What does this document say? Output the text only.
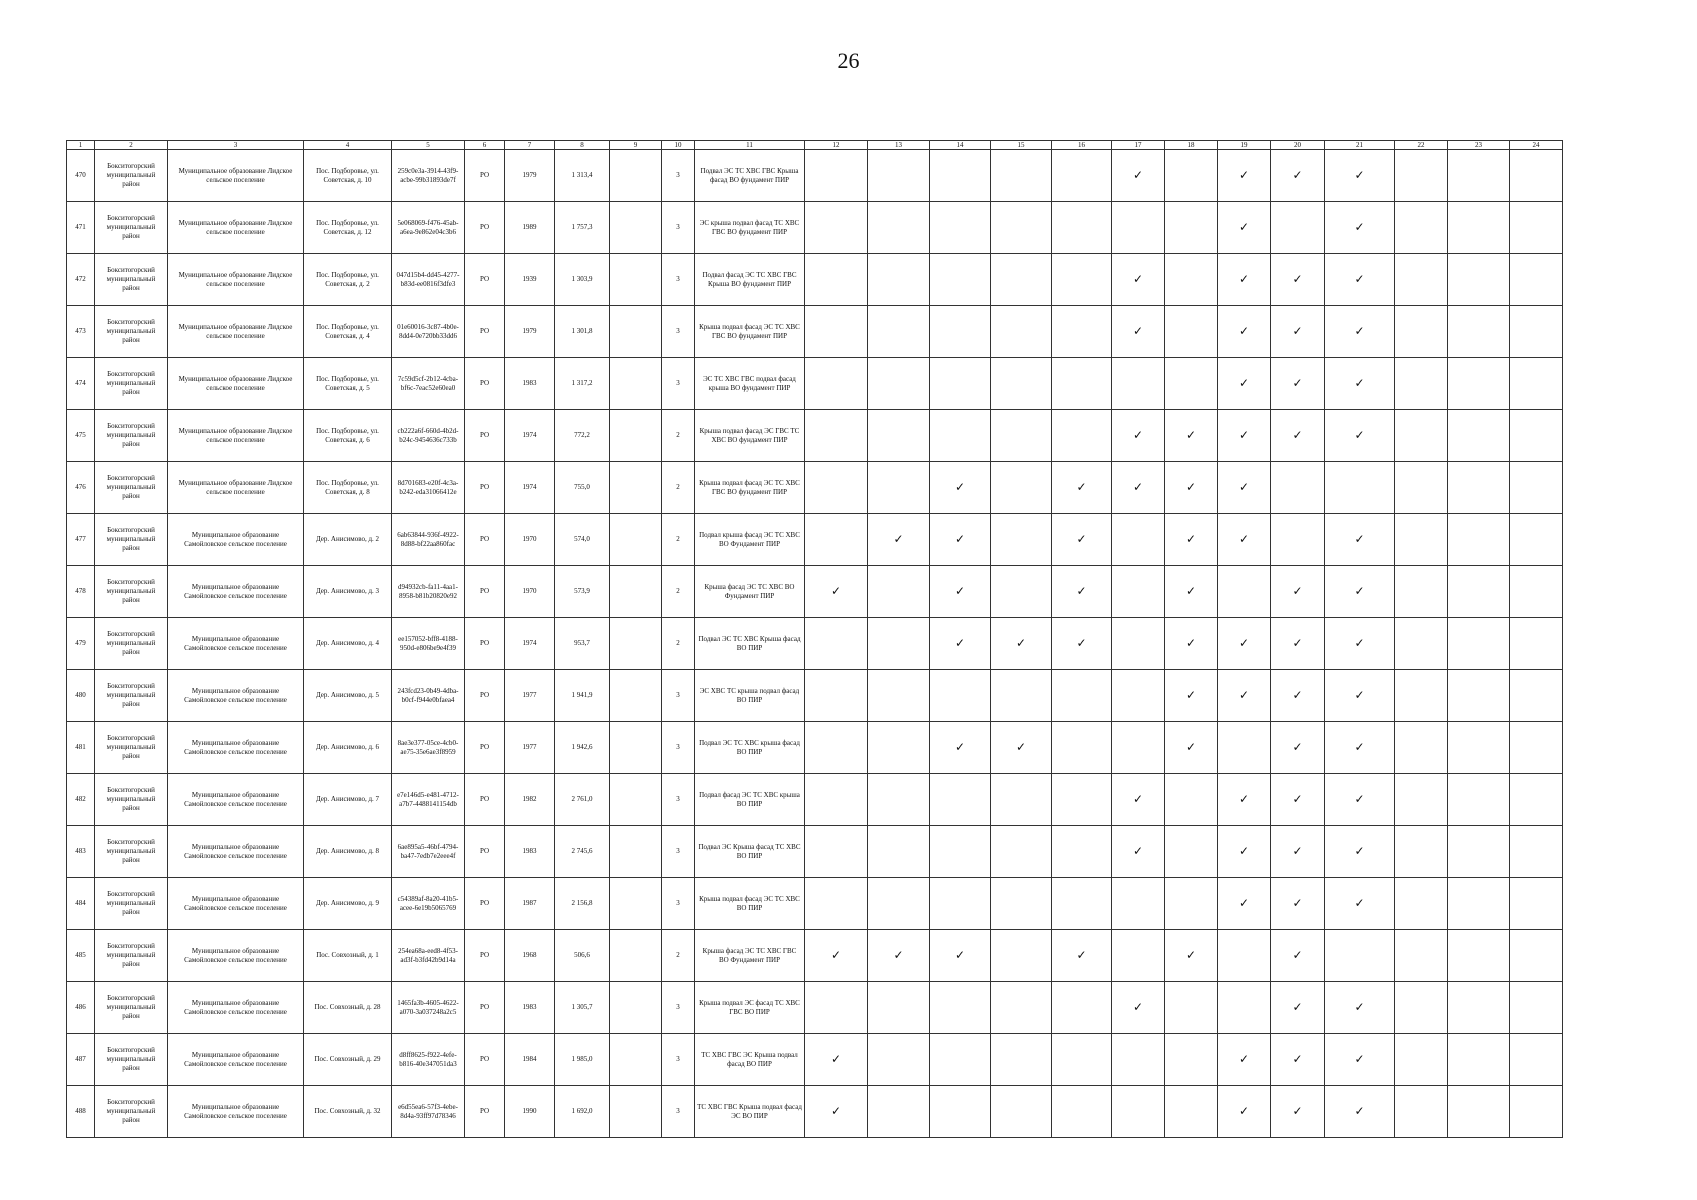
26
1	2	3	4	5	6	7	8	9	10	11	12	13	14	15	16	17	18	19	20	21	22	23	24
470	Бокситогорский муниципальный район	Муниципальное образование Лидское сельское поселение	Пос. Подборовье, ул. Советская, д. 10	259c0e3a-3914-43f9-acbe-99b31893de7f	РО	1979	1 313,4		3	Подвал ЭС ТС ХВС ГВС Крыша фасад ВО фундамент ПИР						✓		✓	✓	✓			
471	Бокситогорский муниципальный район	Муниципальное образование Лидское сельское поселение	Пос. Подборовье, ул. Советская, д. 12	5e068069-f476-45ab-a6ea-9e862e04c3b6	РО	1989	1 757,3		3	ЭС крыша подвал фасад ТС ХВС ГВС ВО фундамент ПИР								✓		✓			
472	Бокситогорский муниципальный район	Муниципальное образование Лидское сельское поселение	Пос. Подборовье, ул. Советская, д. 2	047d15b4-dd45-4277-b83d-ee0816f3dfe3	РО	1939	1 303,9		3	Подвал фасад ЭС ТС ХВС ГВС Крыша ВО фундамент ПИР						✓		✓	✓	✓			
473	Бокситогорский муниципальный район	Муниципальное образование Лидское сельское поселение	Пос. Подборовье, ул. Советская, д. 4	01e60016-3c87-4b0e-8dd4-0e720bb33dd6	РО	1979	1 301,8		3	Крыша подвал фасад ЭС ТС ХВС ГВС ВО фундамент ПИР						✓		✓	✓	✓			
474	Бокситогорский муниципальный район	Муниципальное образование Лидское сельское поселение	Пос. Подборовье, ул. Советская, д. 5	7c59d5cf-2b12-4cba-bf6c-7eac52e60ea0	РО	1983	1 317,2		3	ЭС ТС ХВС ГВС подвал фасад крыша ВО фундамент ПИР								✓	✓	✓			
475	Бокситогорский муниципальный район	Муниципальное образование Лидское сельское поселение	Пос. Подборовье, ул. Советская, д. 6	cb222a6f-660d-4b2d-b24c-9454636c733b	РО	1974	772,2		2	Крыша подвал фасад ЭС ГВС ТС ХВС ВО фундамент ПИР						✓	✓	✓	✓	✓			
476	Бокситогорский муниципальный район	Муниципальное образование Лидское сельское поселение	Пос. Подборовье, ул. Советская, д. 8	8d701683-e20f-4c3a-b242-eda31066412e	РО	1974	755,0		2	Крыша подвал фасад ЭС ТС ХВС ГВС ВО фундамент ПИР			✓		✓	✓	✓	✓					
477	Бокситогорский муниципальный район	Муниципальное образование Самойловское сельское поселение	Дер. Анисимово, д. 2	6ab63844-936f-4922-8d88-bf22aa860fac	РО	1970	574,0		2	Подвал крыша фасад ЭС ТС ХВС ВО Фундамент ПИР		✓	✓		✓		✓	✓		✓			
478	Бокситогорский муниципальный район	Муниципальное образование Самойловское сельское поселение	Дер. Анисимово, д. 3	d94932cb-fa11-4aa1-8958-b81b20820e92	РО	1970	573,9		2	Крыша фасад ЭС ТС ХВС ВО Фундамент ПИР	✓		✓		✓		✓		✓	✓			
479	Бокситогорский муниципальный район	Муниципальное образование Самойловское сельское поселение	Дер. Анисимово, д. 4	ee157052-bff8-4188-950d-e806be9e4f39	РО	1974	953,7		2	Подвал ЭС ТС ХВС Крыша фасад ВО ПИР			✓	✓	✓		✓	✓	✓	✓			
480	Бокситогорский муниципальный район	Муниципальное образование Самойловское сельское поселение	Дер. Анисимово, д. 5	243fcd23-0b49-4dba-b0cf-f944e0bfaea4	РО	1977	1 941,9		3	ЭС ХВС ТС крыша подвал фасад ВО ПИР							✓	✓	✓	✓			
481	Бокситогорский муниципальный район	Муниципальное образование Самойловское сельское поселение	Дер. Анисимово, д. 6	8ae3e377-05ce-4cb0-ae75-35e6ae3f8959	РО	1977	1 942,6		3	Подвал ЭС ТС ХВС крыша фасад ВО ПИР			✓	✓			✓		✓	✓			
482	Бокситогорский муниципальный район	Муниципальное образование Самойловское сельское поселение	Дер. Анисимово, д. 7	e7e146d5-e481-4712-a7b7-4488141154db	РО	1982	2 761,0		3	Подвал фасад ЭС ТС ХВС крыша ВО ПИР						✓		✓	✓	✓			
483	Бокситогорский муниципальный район	Муниципальное образование Самойловское сельское поселение	Дер. Анисимово, д. 8	6ae895a5-46bf-4794-ba47-7edb7e2eee4f	РО	1983	2 745,6		3	Подвал ЭС Крыша фасад ТС ХВС ВО ПИР						✓		✓	✓	✓			
484	Бокситогорский муниципальный район	Муниципальное образование Самойловское сельское поселение	Дер. Анисимово, д. 9	c54389af-8a20-41b5-acee-6e19b5065769	РО	1987	2 156,8		3	Крыша подвал фасад ЭС ТС ХВС ВО ПИР								✓	✓	✓			
485	Бокситогорский муниципальный район	Муниципальное образование Самойловское сельское поселение	Пос. Совхозный, д. 1	254ea68a-eed8-4f53-ad3f-b3fd42b9d14a	РО	1968	506,6		2	Крыша фасад ЭС ТС ХВС ГВС ВО Фундамент ПИР	✓	✓	✓		✓		✓		✓				
486	Бокситогорский муниципальный район	Муниципальное образование Самойловское сельское поселение	Пос. Совхозный, д. 28	1465fa3b-4605-4622-a070-3a037248a2c5	РО	1983	1 305,7		3	Крыша подвал ЭС фасад ТС ХВС ГВС ВО ПИР						✓			✓	✓			
487	Бокситогорский муниципальный район	Муниципальное образование Самойловское сельское поселение	Пос. Совхозный, д. 29	d8ff8625-f922-4efe-b816-40e347051da3	РО	1984	1 985,0		3	ТС ХВС ГВС ЭС Крыша подвал фасад ВО ПИР	✓							✓	✓	✓			
488	Бокситогорский муниципальный район	Муниципальное образование Самойловское сельское поселение	Пос. Совхозный, д. 32	e6d55ea6-57f3-4ebe-8d4a-93ff97d78346	РО	1990	1 692,0		3	ТС ХВС ГВС Крыша подвал фасад ЭС ВО ПИР	✓							✓	✓	✓			
